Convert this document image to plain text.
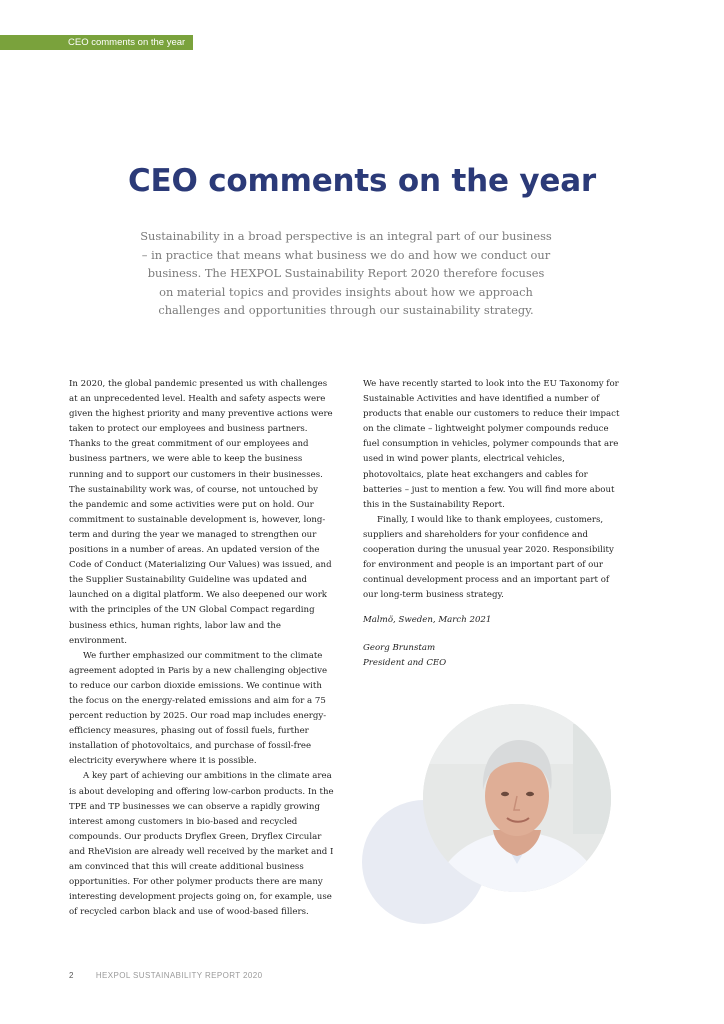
CEO comments on the year
CEO comments on the year

Sustainability in a broad perspective is an integral part of our business – in practice that means what business we do and how we conduct our business. The HEXPOL Sustainability Report 2020 therefore focuses on material topics and provides insights about how we approach challenges and opportunities through our sustainability strategy.

In 2020, the global pandemic presented us with challenges at an unprecedented level. Health and safety aspects were given the highest priority and many preventive actions were taken to protect our employees and business partners. Thanks to the great commitment of our employees and business partners, we were able to keep the business running and to support our customers in their businesses. The sustainability work was, of course, not untouched by the pandemic and some activities were put on hold. Our commitment to sustainable development is, however, long-term and during the year we managed to strengthen our positions in a number of areas. An updated version of the Code of Conduct (Materializing Our Values) was issued, and the Supplier Sustainability Guideline was updated and launched on a digital platform. We also deepened our work with the principles of the UN Global Compact regarding business ethics, human rights, labor law and the environment.

We further emphasized our commitment to the climate agreement adopted in Paris by a new challenging objective to reduce our carbon dioxide emissions. We continue with the focus on the energy-related emissions and aim for a 75 percent reduction by 2025. Our road map includes energy-efficiency measures, phasing out of fossil fuels, further installation of photovoltaics, and purchase of fossil-free electricity everywhere where it is possible.

A key part of achieving our ambitions in the climate area is about developing and offering low-carbon products. In the TPE and TP businesses we can observe a rapidly growing interest among customers in bio-based and recycled compounds. Our products Dryflex Green, Dryflex Circular and RheVision are already well received by the market and I am convinced that this will create additional business opportunities. For other polymer products there are many interesting development projects going on, for example, use of recycled carbon black and use of wood-based fillers.

We have recently started to look into the EU Taxonomy for Sustainable Activities and have identified a number of products that enable our customers to reduce their impact on the climate – lightweight polymer compounds reduce fuel consumption in vehicles, polymer compounds that are used in wind power plants, electrical vehicles, photovoltaics, plate heat exchangers and cables for batteries – just to mention a few. You will find more about this in the Sustainability Report.

Finally, I would like to thank employees, customers, suppliers and shareholders for your confidence and cooperation during the unusual year 2020. Responsibility for environment and people is an important part of our continual development process and an important part of our long-term business strategy.

Malmö, Sweden, March 2021

Georg Brunstam

President and CEO

2	HEXPOL SUSTAINABILITY REPORT 2020
